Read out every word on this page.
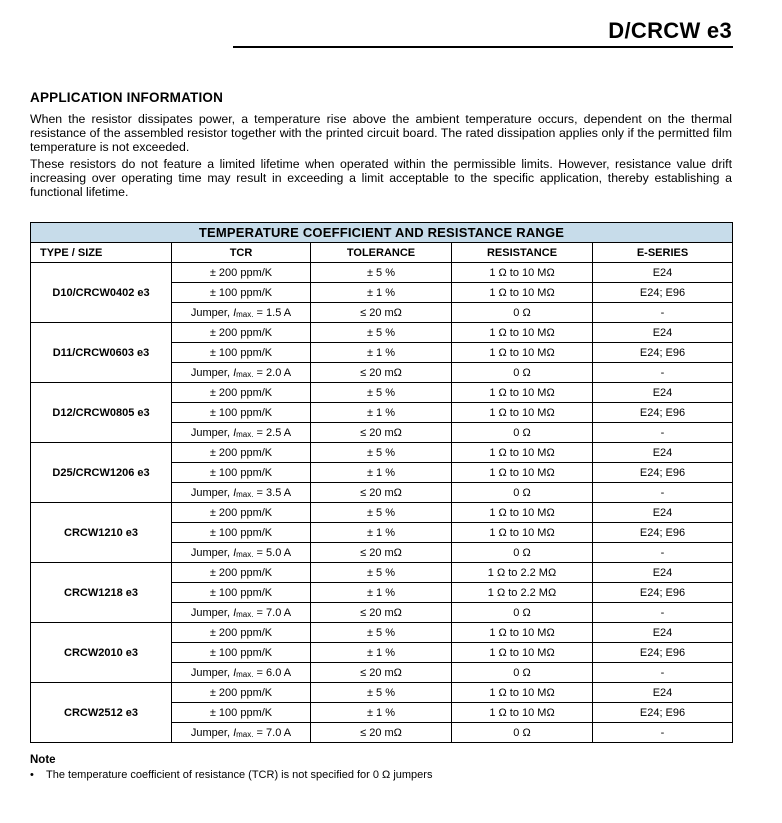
D/CRCW e3
APPLICATION INFORMATION
When the resistor dissipates power, a temperature rise above the ambient temperature occurs, dependent on the thermal resistance of the assembled resistor together with the printed circuit board. The rated dissipation applies only if the permitted film temperature is not exceeded.
These resistors do not feature a limited lifetime when operated within the permissible limits. However, resistance value drift increasing over operating time may result in exceeding a limit acceptable to the specific application, thereby establishing a functional lifetime.
TEMPERATURE COEFFICIENT AND RESISTANCE RANGE				
TYPE / SIZE	TCR	TOLERANCE	RESISTANCE	E-SERIES
D10/CRCW0402 e3	± 200 ppm/K	± 5 %	1 Ω to 10 MΩ	E24
	± 100 ppm/K	± 1 %	1 Ω to 10 MΩ	E24; E96
	Jumper, Imax. = 1.5 A	≤ 20 mΩ	0 Ω	-
D11/CRCW0603 e3	± 200 ppm/K	± 5 %	1 Ω to 10 MΩ	E24
	± 100 ppm/K	± 1 %	1 Ω to 10 MΩ	E24; E96
	Jumper, Imax. = 2.0 A	≤ 20 mΩ	0 Ω	-
D12/CRCW0805 e3	± 200 ppm/K	± 5 %	1 Ω to 10 MΩ	E24
	± 100 ppm/K	± 1 %	1 Ω to 10 MΩ	E24; E96
	Jumper, Imax. = 2.5 A	≤ 20 mΩ	0 Ω	-
D25/CRCW1206 e3	± 200 ppm/K	± 5 %	1 Ω to 10 MΩ	E24
	± 100 ppm/K	± 1 %	1 Ω to 10 MΩ	E24; E96
	Jumper, Imax. = 3.5 A	≤ 20 mΩ	0 Ω	-
CRCW1210 e3	± 200 ppm/K	± 5 %	1 Ω to 10 MΩ	E24
	± 100 ppm/K	± 1 %	1 Ω to 10 MΩ	E24; E96
	Jumper, Imax. = 5.0 A	≤ 20 mΩ	0 Ω	-
CRCW1218 e3	± 200 ppm/K	± 5 %	1 Ω to 2.2 MΩ	E24
	± 100 ppm/K	± 1 %	1 Ω to 2.2 MΩ	E24; E96
	Jumper, Imax. = 7.0 A	≤ 20 mΩ	0 Ω	-
CRCW2010 e3	± 200 ppm/K	± 5 %	1 Ω to 10 MΩ	E24
	± 100 ppm/K	± 1 %	1 Ω to 10 MΩ	E24; E96
	Jumper, Imax. = 6.0 A	≤ 20 mΩ	0 Ω	-
CRCW2512 e3	± 200 ppm/K	± 5 %	1 Ω to 10 MΩ	E24
	± 100 ppm/K	± 1 %	1 Ω to 10 MΩ	E24; E96
	Jumper, Imax. = 7.0 A	≤ 20 mΩ	0 Ω	-
Note
• The temperature coefficient of resistance (TCR) is not specified for 0 Ω jumpers
